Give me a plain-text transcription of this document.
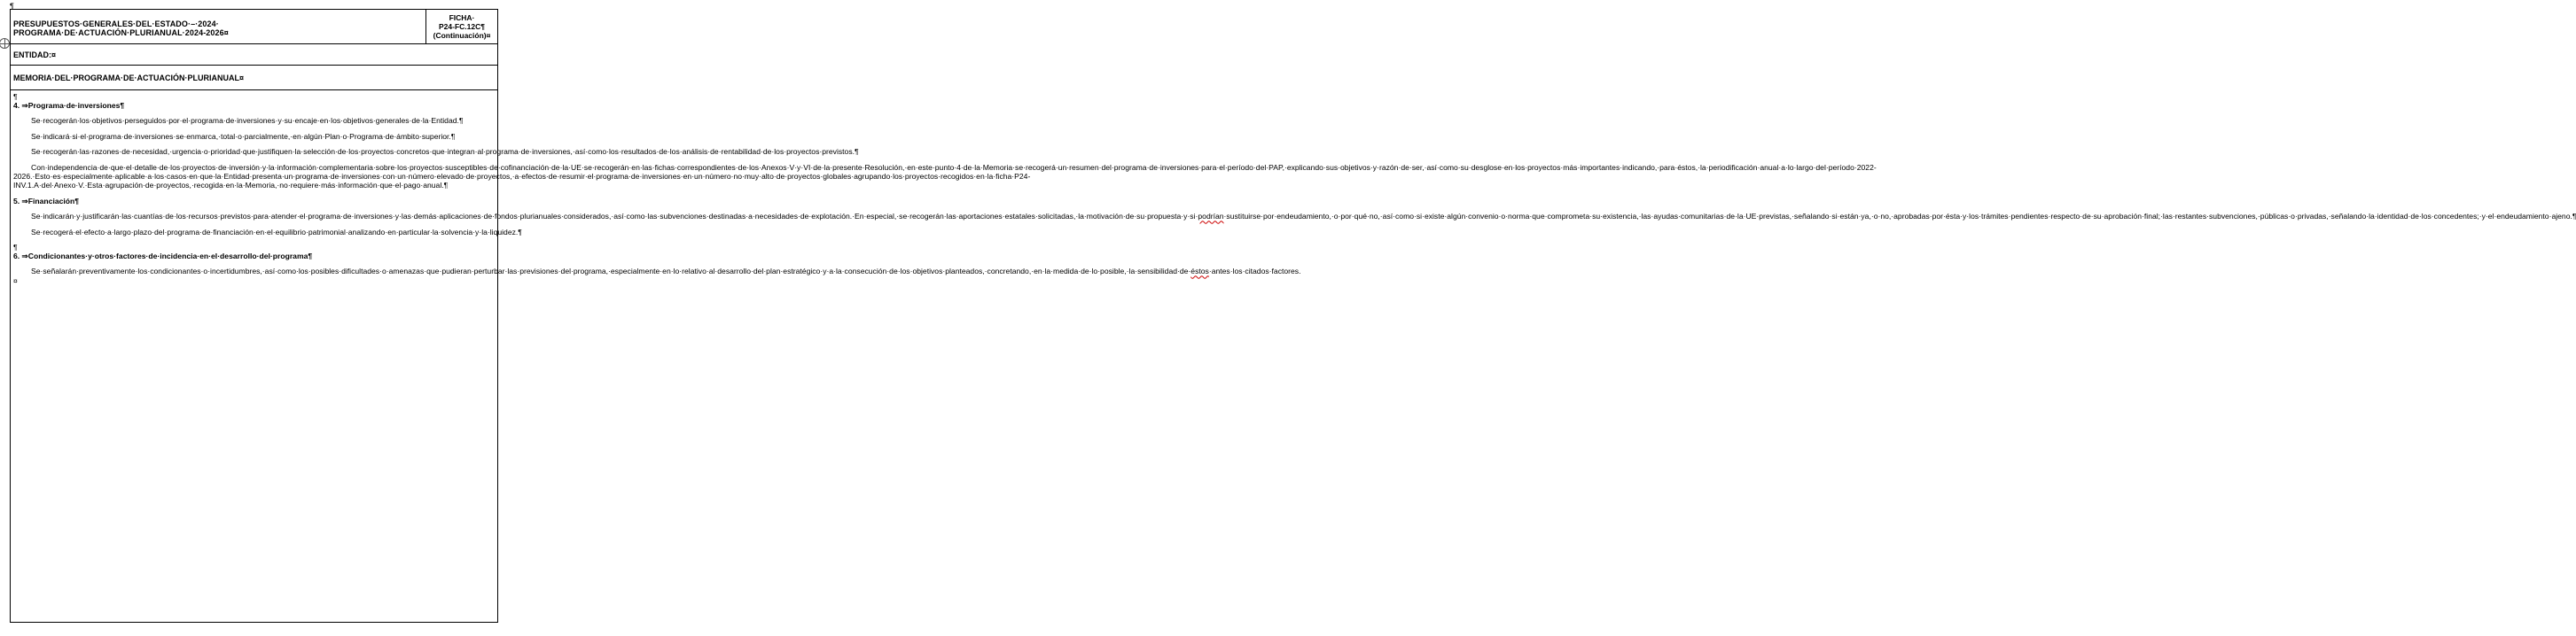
¶
PRESUPUESTOS·GENERALES·DEL·ESTADO·–·2024·
PROGRAMA·DE·ACTUACIÓN·PLURIANUAL·2024-2026¤
FICHA·
P24-FC.12C¶
(Continuación)¤
ENTIDAD:¤
MEMORIA·DEL·PROGRAMA·DE·ACTUACIÓN·PLURIANUAL¤

¶

4. ⇒Programa·de·inversiones¶

Se·recogerán·los·objetivos·perseguidos·por·el·programa·de·inversiones·y·su·encaje·en·los·objetivos·generales·de·la·Entidad.¶

Se·indicará·si·el·programa·de·inversiones·se·enmarca,·total·o·parcialmente,·en·algún·Plan·o·Programa·de·ámbito·superior.¶

Se·recogerán·las·razones·de·necesidad,·urgencia·o·prioridad·que·justifiquen·la·selección·de·los·proyectos·concretos·que·integran·al·programa·de·inversiones,·así·como·los·resultados·de·los·análisis·de·rentabilidad·de·los·proyectos·previstos.¶

Con·independencia·de·que·el·detalle·de·los·proyectos·de·inversión·y·la·información·complementaria·sobre·los·proyectos·susceptibles·de·cofinanciación·de·la·UE·se·recogerán·en·las·fichas·correspondientes·de·los·Anexos·V·y·VI·de·la·presente·Resolución,·en·este·punto·4·de·la·Memoria·se·recogerá·un·resumen·del·programa·de·inversiones·para·el·período·del·PAP,·explicando·sus·objetivos·y·razón·de·ser,·así·como·su·desglose·en·los·proyectos·más·importantes·indicando,·para·éstos,·la·periodificación·anual·a·lo·largo·del·período·2022-2026.·Esto·es·especialmente·aplicable·a·los·casos·en·que·la·Entidad·presenta·un·programa·de·inversiones·con·un·número·elevado·de·proyectos,·a·efectos·de·resumir·el·programa·de·inversiones·en·un·número·no·muy·alto·de·proyectos·globales·agrupando·los·proyectos·recogidos·en·la·ficha·P24-INV.1.A·del·Anexo·V.·Esta·agrupación·de·proyectos,·recogida·en·la·Memoria,·no·requiere·más·información·que·el·pago·anual.¶

5. ⇒Financiación¶

Se·indicarán·y·justificarán·las·cuantías·de·los·recursos·previstos·para·atender·el·programa·de·inversiones·y·las·demás·aplicaciones·de·fondos·plurianuales·considerados,·así·como·las·subvenciones·destinadas·a·necesidades·de·explotación.·En·especial,·se·recogerán·las·aportaciones·estatales·solicitadas,·la·motivación·de·su·propuesta·y·si·podrían·sustituirse·por·endeudamiento,·o·por·qué·no,·así·como·si·existe·algún·convenio·o·norma·que·comprometa·su·existencia,·las·ayudas·comunitarias·de·la·UE·previstas,·señalando·si·están·ya,·o·no,·aprobadas·por·ésta·y·los·trámites·pendientes·respecto·de·su·aprobación·final;·las·restantes·subvenciones,·públicas·o·privadas,·señalando·la·identidad·de·los·concedentes;·y·el·endeudamiento·ajeno.¶

Se·recogerá·el·efecto·a·largo·plazo·del·programa·de·financiación·en·el·equilibrio·patrimonial·analizando·en·particular·la·solvencia·y·la·liquidez.¶

¶

6. ⇒Condicionantes·y·otros·factores·de·incidencia·en·el·desarrollo·del·programa¶

Se·señalarán·preventivamente·los·condicionantes·o·incertidumbres,·así·como·los·posibles·dificultades·o·amenazas·que·pudieran·perturbar·las·previsiones·del·programa,·especialmente·en·lo·relativo·al·desarrollo·del·plan·estratégico·y·a·la·consecución·de·los·objetivos·planteados,·concretando,·en·la·medida·de·lo·posible,·la·sensibilidad·de·éstos·antes·los·citados·factores.¤
